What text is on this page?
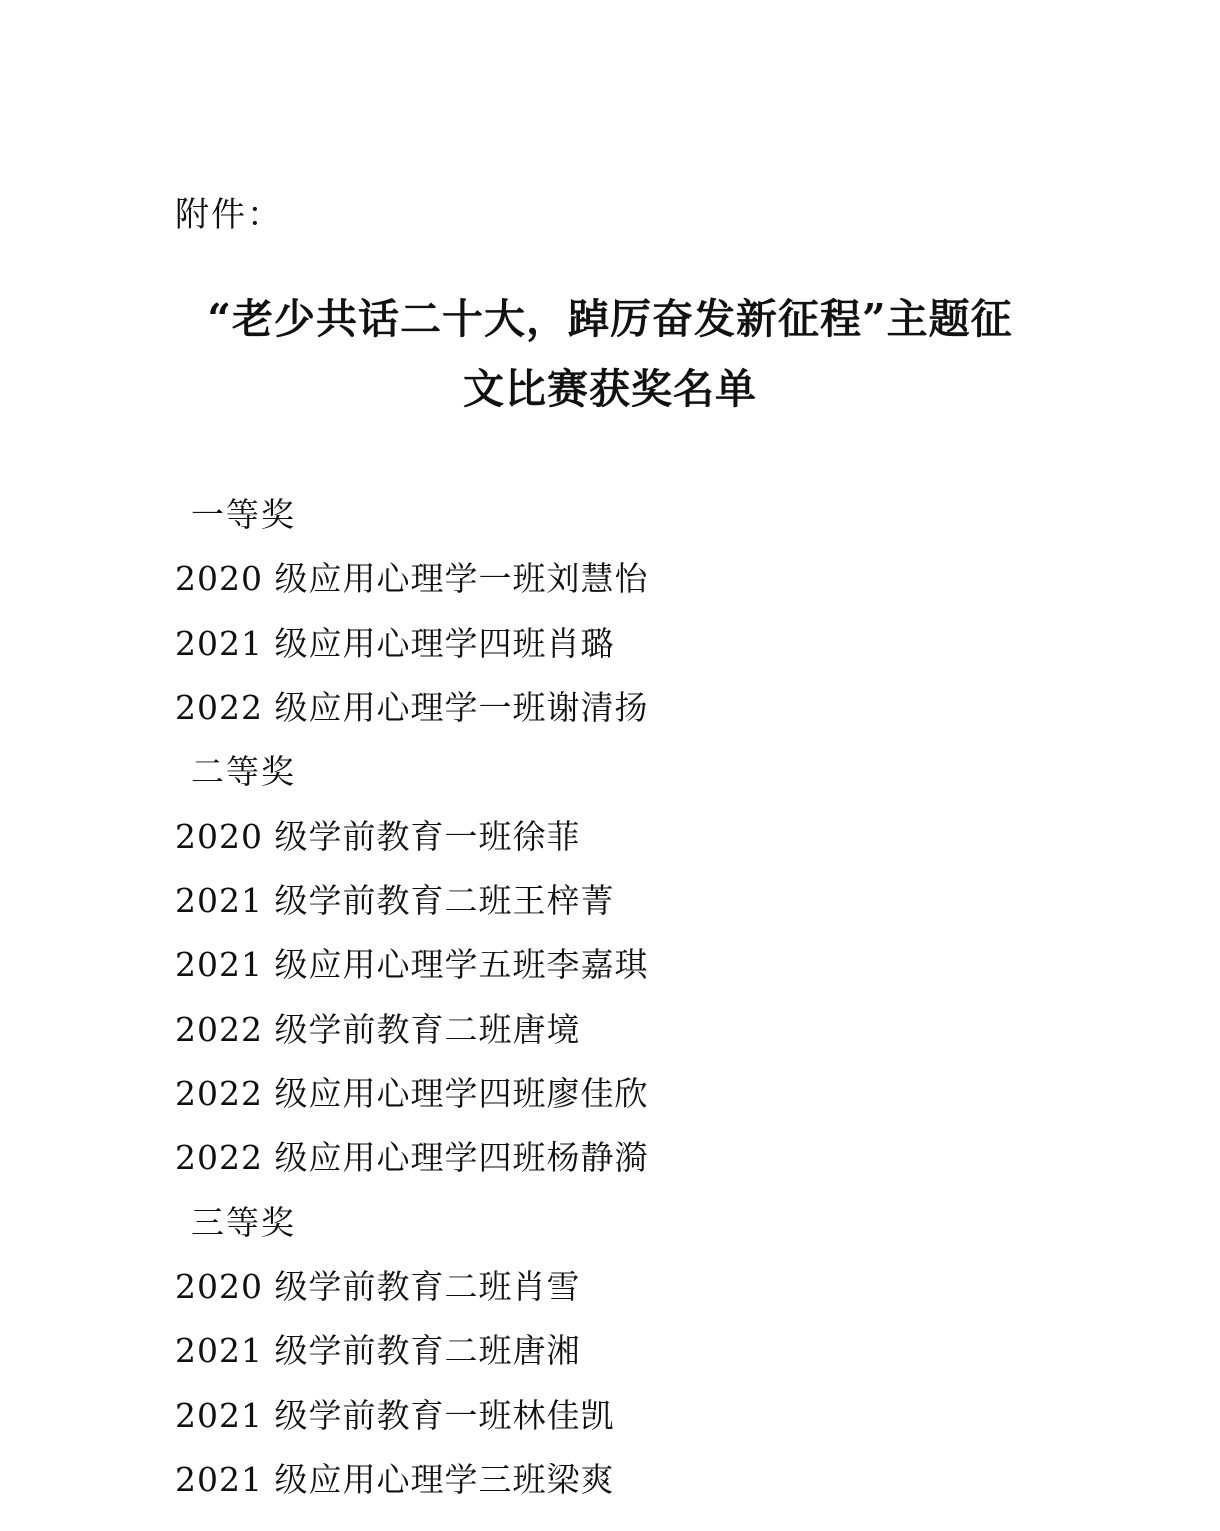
附件：

“老少共话二十大，踔厉奋发新征程”主题征文比赛获奖名单

一等奖

2020 级应用心理学一班刘慧怡

2021 级应用心理学四班肖璐

2022 级应用心理学一班谢清扬

二等奖

2020 级学前教育一班徐菲

2021 级学前教育二班王梓菁

2021 级应用心理学五班李嘉琪

2022 级学前教育二班唐境

2022 级应用心理学四班廖佳欣

2022 级应用心理学四班杨静漪

三等奖

2020 级学前教育二班肖雪

2021 级学前教育二班唐湘

2021 级学前教育一班林佳凯

2021 级应用心理学三班梁爽
